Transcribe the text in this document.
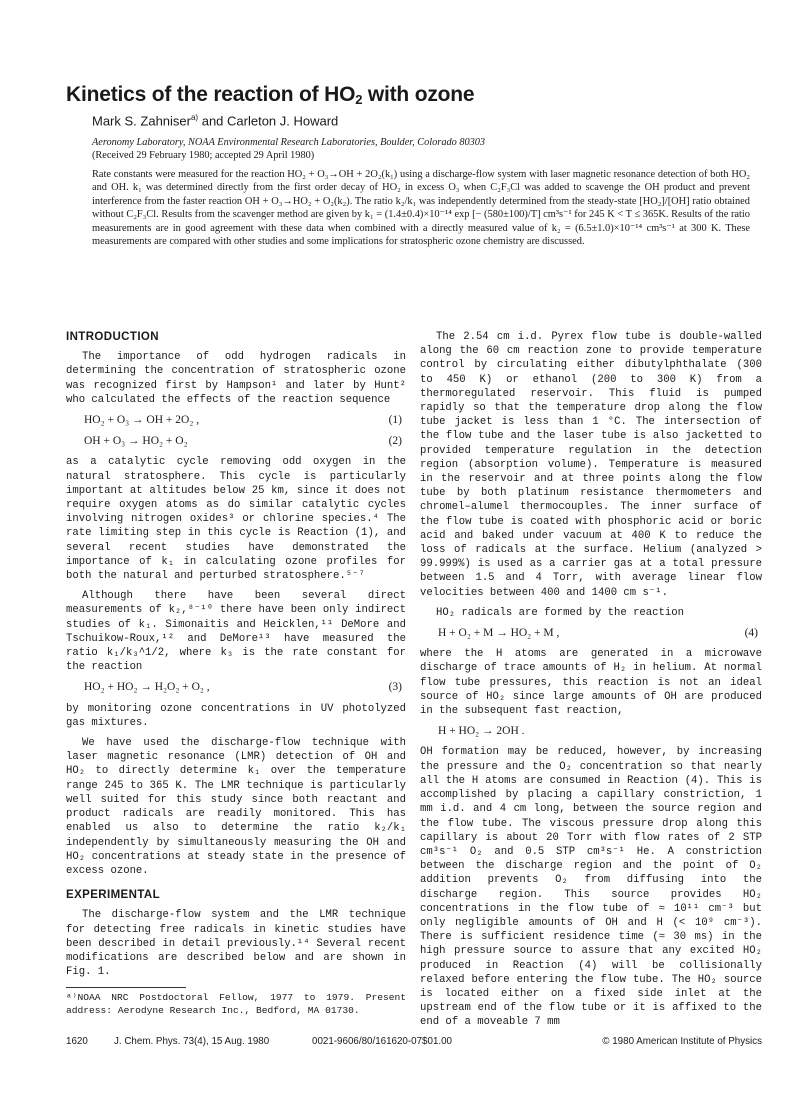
Kinetics of the reaction of $HO_2$ with ozone

Mark S. Zahniser$^{a)}$ and Carleton J. Howard

Aeronomy Laboratory, NOAA Environmental Research Laboratories, Boulder, Colorado 80303

(Received 29 February 1980; accepted 29 April 1980)

Rate constants were measured for the reaction HO₂ + O₃→OH + 2O₂(k₁) using a discharge-flow system with laser magnetic resonance detection of both HO₂ and OH. k₁ was determined directly from the first order decay of HO₂ in excess O₃ when C₂F₃Cl was added to scavenge the OH product and prevent interference from the faster reaction OH + O₃→HO₂ + O₂(k₂). The ratio k₂/k₁ was independently determined from the steady-state [HO₂]/[OH] ratio obtained without C₂F₃Cl. Results from the scavenger method are given by k₁ = (1.4±0.4)×10⁻¹⁴ exp [− (580±100)/T] cm³s⁻¹ for 245 K < T ≤ 365K. Results of the ratio measurements are in good agreement with these data when combined with a directly measured value of k₂ = (6.5±1.0)×10⁻¹⁴ cm³s⁻¹ at 300 K. These measurements are compared with other studies and some implications for stratospheric ozone chemistry are discussed.

INTRODUCTION

The importance of odd hydrogen radicals in determining the concentration of stratospheric ozone was recognized first by Hampson¹ and later by Hunt² who calculated the effects of the reaction sequence

HO₂ + O₃ → OH + 2O₂ ,	(1)
OH + O₃ → HO₂ + O₂	(2)

as a catalytic cycle removing odd oxygen in the natural stratosphere. This cycle is particularly important at altitudes below 25 km, since it does not require oxygen atoms as do similar catalytic cycles involving nitrogen oxides³ or chlorine species.⁴ The rate limiting step in this cycle is Reaction (1), and several recent studies have demonstrated the importance of k₁ in calculating ozone profiles for both the natural and perturbed stratosphere.⁵⁻⁷

Although there have been several direct measurements of k₂,⁸⁻¹⁰ there have been only indirect studies of k₁. Simonaitis and Heicklen,¹¹ DeMore and Tschuikow-Roux,¹² and DeMore¹³ have measured the ratio k₁/k₃^1/2, where k₃ is the rate constant for the reaction

HO₂ + HO₂ → H₂O₂ + O₂ ,	(3)

by monitoring ozone concentrations in UV photolyzed gas mixtures.

We have used the discharge-flow technique with laser magnetic resonance (LMR) detection of OH and HO₂ to directly determine k₁ over the temperature range 245 to 365 K. The LMR technique is particularly well suited for this study since both reactant and product radicals are readily monitored. This has enabled us also to determine the ratio k₂/k₁ independently by simultaneously measuring the OH and HO₂ concentrations at steady state in the presence of excess ozone.

EXPERIMENTAL

The discharge-flow system and the LMR technique for detecting free radicals in kinetic studies have been described in detail previously.¹⁴ Several recent modifications are described below and are shown in Fig. 1.

ᵃ⁾NOAA NRC Postdoctoral Fellow, 1977 to 1979. Present address: Aerodyne Research Inc., Bedford, MA 01730.

The 2.54 cm i.d. Pyrex flow tube is double-walled along the 60 cm reaction zone to provide temperature control by circulating either dibutylphthalate (300 to 450 K) or ethanol (200 to 300 K) from a thermoregulated reservoir. This fluid is pumped rapidly so that the temperature drop along the flow tube jacket is less than 1 °C. The intersection of the flow tube and the laser tube is also jacketted to provided temperature regulation in the detection region (absorption volume). Temperature is measured in the reservoir and at three points along the flow tube by both platinum resistance thermometers and chromel–alumel thermocouples. The inner surface of the flow tube is coated with phosphoric acid or boric acid and baked under vacuum at 400 K to reduce the loss of radicals at the surface. Helium (analyzed > 99.999%) is used as a carrier gas at a total pressure between 1.5 and 4 Torr, with average linear flow velocities between 400 and 1400 cm s⁻¹.

HO₂ radicals are formed by the reaction

H + O₂ + M → HO₂ + M ,	(4)

where the H atoms are generated in a microwave discharge of trace amounts of H₂ in helium. At normal flow tube pressures, this reaction is not an ideal source of HO₂ since large amounts of OH are produced in the subsequent fast reaction,

H + HO₂ → 2OH .

OH formation may be reduced, however, by increasing the pressure and the O₂ concentration so that nearly all the H atoms are consumed in Reaction (4). This is accomplished by placing a capillary constriction, 1 mm i.d. and 4 cm long, between the source region and the flow tube. The viscous pressure drop along this capillary is about 20 Torr with flow rates of 2 STP cm³s⁻¹ O₂ and 0.5 STP cm³s⁻¹ He. A constriction between the discharge region and the point of O₂ addition prevents O₂ from diffusing into the discharge region. This source provides HO₂ concentrations in the flow tube of ≈ 10¹¹ cm⁻³ but only negligible amounts of OH and H (< 10⁹ cm⁻³). There is sufficient residence time (≈ 30 ms) in the high pressure source to assure that any excited HO₂ produced in Reaction (4) will be collisionally relaxed before entering the flow tube. The HO₂ source is located either on a fixed side inlet at the upstream end of the flow tube or it is affixed to the end of a moveable 7 mm

1620	J. Chem. Phys. 73(4), 15 Aug. 1980	0021-9606/80/161620-07$01.00	© 1980 American Institute of Physics
